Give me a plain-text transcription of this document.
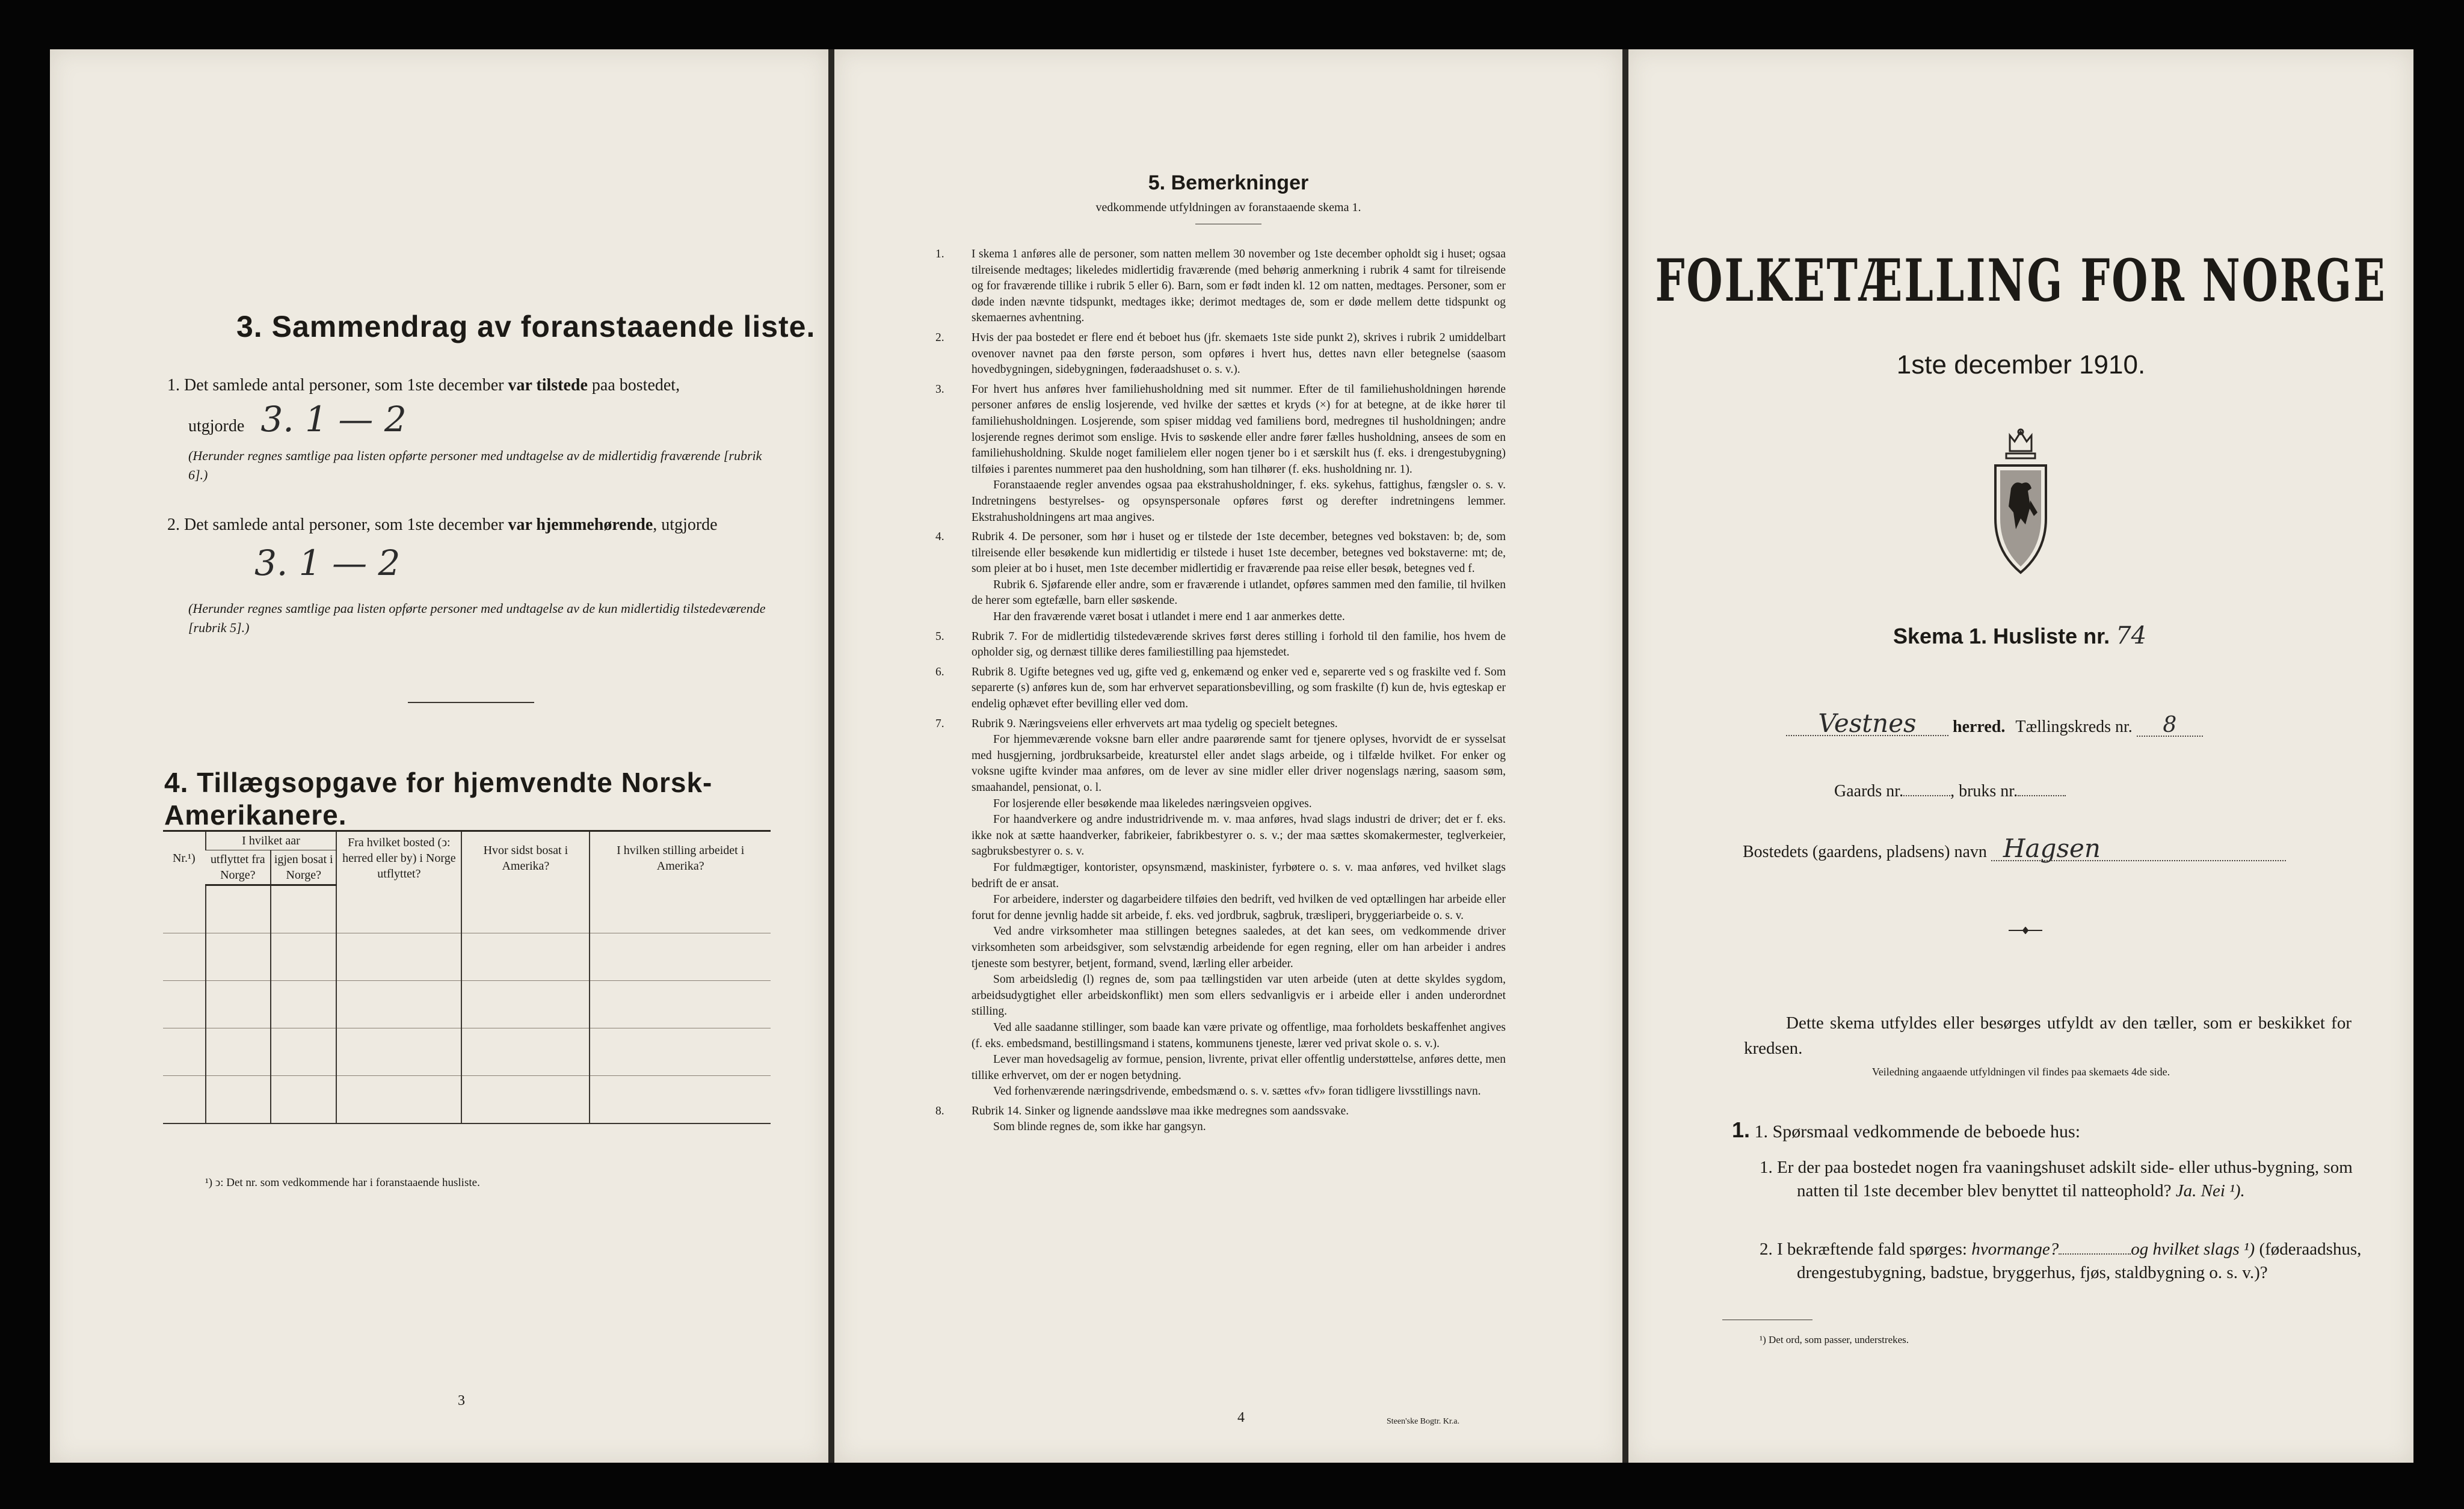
3. Sammendrag av foranstaaende liste.
1. Det samlede antal personer, som 1ste december var tilstede paa bostedet,
utgjorde 3. 1 — 2
(Herunder regnes samtlige paa listen opførte personer med undtagelse av de midlertidig fraværende [rubrik 6].)
2. Det samlede antal personer, som 1ste december var hjemmehørende, utgjorde
3. 1 — 2
(Herunder regnes samtlige paa listen opførte personer med undtagelse av de kun midlertidig tilstedeværende [rubrik 5].)
4. Tillægsopgave for hjemvendte Norsk-Amerikanere.
Nr.¹)	I hvilket aar		Fra hvilket bosted (ↄ: herred eller by) i Norge utflyttet?	Hvor sidst bosat i Amerika?	I hvilken stilling arbeidet i Amerika?
	utflyttet fra Norge?	igjen bosat i Norge?			

¹) ↄ: Det nr. som vedkommende har i foranstaaende husliste.
3
5. Bemerkninger
vedkommende utfyldningen av foranstaaende skema 1.

1. I skema 1 anføres alle de personer, som natten mellem 30 november og 1ste december opholdt sig i huset; ogsaa tilreisende medtages; likeledes midlertidig fraværende (med behørig anmerkning i rubrik 4 samt for tilreisende og for fraværende tillike i rubrik 5 eller 6). Barn, som er født inden kl. 12 om natten, medtages. Personer, som er døde inden nævnte tidspunkt, medtages ikke; derimot medtages de, som er døde mellem dette tidspunkt og skemaernes avhentning.

2. Hvis der paa bostedet er flere end ét beboet hus (jfr. skemaets 1ste side punkt 2), skrives i rubrik 2 umiddelbart ovenover navnet paa den første person, som opføres i hvert hus, dettes navn eller betegnelse (saasom hovedbygningen, sidebygningen, føderaadshuset o. s. v.).

3. For hvert hus anføres hver familiehusholdning med sit nummer. Efter de til familiehusholdningen hørende personer anføres de enslig losjerende, ved hvilke der sættes et kryds (×) for at betegne, at de ikke hører til familiehusholdningen. Losjerende, som spiser middag ved familiens bord, medregnes til husholdningen; andre losjerende regnes derimot som enslige. Hvis to søskende eller andre fører fælles husholdning, ansees de som en familiehusholdning. Skulde noget familielem eller nogen tjener bo i et særskilt hus (f. eks. i drengestubygning) tilføies i parentes nummeret paa den husholdning, som han tilhører (f. eks. husholdning nr. 1).

Foranstaaende regler anvendes ogsaa paa ekstrahusholdninger, f. eks. sykehus, fattighus, fængsler o. s. v. Indretningens bestyrelses- og opsynspersonale opføres først og derefter indretningens lemmer. Ekstrahusholdningens art maa angives.

4. Rubrik 4. De personer, som hør i huset og er tilstede der 1ste december, betegnes ved bokstaven: b; de, som tilreisende eller besøkende kun midlertidig er tilstede i huset 1ste december, betegnes ved bokstaverne: mt; de, som pleier at bo i huset, men 1ste december midlertidig er fraværende paa reise eller besøk, betegnes ved f.

Rubrik 6. Sjøfarende eller andre, som er fraværende i utlandet, opføres sammen med den familie, til hvilken de herer som egtefælle, barn eller søskende.

Har den fraværende været bosat i utlandet i mere end 1 aar anmerkes dette.

5. Rubrik 7. For de midlertidig tilstedeværende skrives først deres stilling i forhold til den familie, hos hvem de opholder sig, og dernæst tillike deres familiestilling paa hjemstedet.

6. Rubrik 8. Ugifte betegnes ved ug, gifte ved g, enkemænd og enker ved e, separerte ved s og fraskilte ved f. Som separerte (s) anføres kun de, som har erhvervet separationsbevilling, og som fraskilte (f) kun de, hvis egteskap er endelig ophævet efter bevilling eller ved dom.

7. Rubrik 9. Næringsveiens eller erhvervets art maa tydelig og specielt betegnes.

For hjemmeværende voksne barn eller andre paarørende samt for tjenere oplyses, hvorvidt de er sysselsat med husgjerning, jordbruksarbeide, kreaturstel eller andet slags arbeide, og i tilfælde hvilket. For enker og voksne ugifte kvinder maa anføres, om de lever av sine midler eller driver nogenslags næring, saasom søm, smaahandel, pensionat, o. l.

For losjerende eller besøkende maa likeledes næringsveien opgives.

For haandverkere og andre industridrivende m. v. maa anføres, hvad slags industri de driver; det er f. eks. ikke nok at sætte haandverker, fabrikeier, fabrikbestyrer o. s. v.; der maa sættes skomakermester, teglverkeier, sagbruksbestyrer o. s. v.

For fuldmægtiger, kontorister, opsynsmænd, maskinister, fyrbøtere o. s. v. maa anføres, ved hvilket slags bedrift de er ansat.

For arbeidere, inderster og dagarbeidere tilføies den bedrift, ved hvilken de ved optællingen har arbeide eller forut for denne jevnlig hadde sit arbeide, f. eks. ved jordbruk, sagbruk, træsliperi, bryggeriarbeide o. s. v.

Ved andre virksomheter maa stillingen betegnes saaledes, at det kan sees, om vedkommende driver virksomheten som arbeidsgiver, som selvstændig arbeidende for egen regning, eller om han arbeider i andres tjeneste som bestyrer, betjent, formand, svend, lærling eller arbeider.

Som arbeidsledig (l) regnes de, som paa tællingstiden var uten arbeide (uten at dette skyldes sygdom, arbeidsudygtighet eller arbeidskonflikt) men som ellers sedvanligvis er i arbeide eller i anden underordnet stilling.

Ved alle saadanne stillinger, som baade kan være private og offentlige, maa forholdets beskaffenhet angives (f. eks. embedsmand, bestillingsmand i statens, kommunens tjeneste, lærer ved privat skole o. s. v.).

Lever man hovedsagelig av formue, pension, livrente, privat eller offentlig understøttelse, anføres dette, men tillike erhvervet, om der er nogen betydning.

Ved forhenværende næringsdrivende, embedsmænd o. s. v. sættes «fv» foran tidligere livsstillings navn.

8. Rubrik 14. Sinker og lignende aandssløve maa ikke medregnes som aandssvake.

Som blinde regnes de, som ikke har gangsyn.

4	Steen'ske Bogtr. Kr.a.
FOLKETÆLLING FOR NORGE
1ste december 1910.
Skema 1. Husliste nr. 74
Vestnes herred. Tællingskreds nr. 8
Gaards nr.	, bruks nr.
Bostedets (gaardens, pladsens) navn Hagsen
Dette skema utfyldes eller besørges utfyldt av den tæller, som er beskikket for kredsen.
Veiledning angaaende utfyldningen vil findes paa skemaets 4de side.
1. 1. Spørsmaal vedkommende de beboede hus:
1. Er der paa bostedet nogen fra vaaningshuset adskilt side- eller uthus-bygning, som natten til 1ste december blev benyttet til natteophold? Ja. Nei ¹).
2. I bekræftende fald spørges: hvormange?	og hvilket slags ¹) (føderaadshus, drengestubygning, badstue, bryggerhus, fjøs, staldbygning o. s. v.)?
¹) Det ord, som passer, understrekes.
